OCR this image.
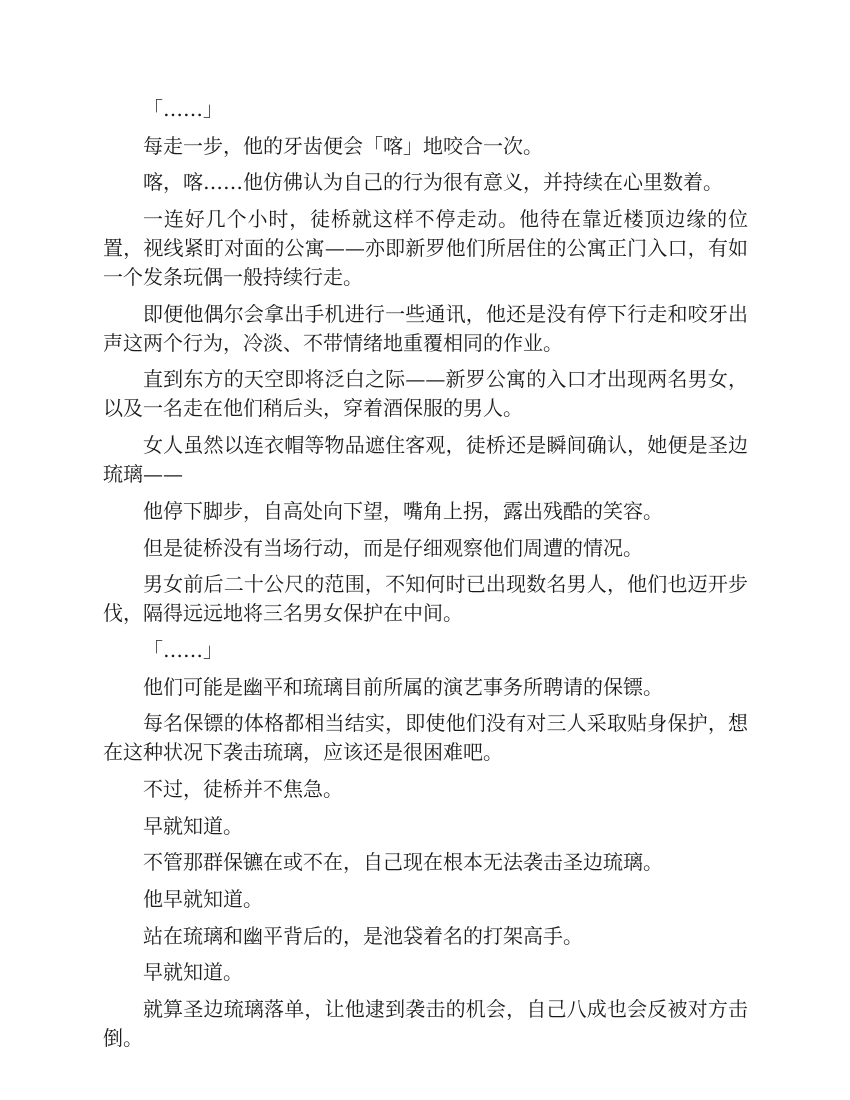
「……」

每走一步，他的牙齿便会「喀」地咬合一次。

喀，喀……他仿佛认为自己的行为很有意义，并持续在心里数着。

一连好几个小时，徒桥就这样不停走动。他待在靠近楼顶边缘的位置，视线紧盯对面的公寓——亦即新罗他们所居住的公寓正门入口，有如一个发条玩偶一般持续行走。

即便他偶尔会拿出手机进行一些通讯，他还是没有停下行走和咬牙出声这两个行为，冷淡、不带情绪地重覆相同的作业。

直到东方的天空即将泛白之际——新罗公寓的入口才出现两名男女，以及一名走在他们稍后头，穿着酒保服的男人。

女人虽然以连衣帽等物品遮住客观，徒桥还是瞬间确认，她便是圣边琉璃——

他停下脚步，自高处向下望，嘴角上拐，露出残酷的笑容。

但是徒桥没有当场行动，而是仔细观察他们周遭的情况。

男女前后二十公尺的范围，不知何时已出现数名男人，他们也迈开步伐，隔得远远地将三名男女保护在中间。

「……」

他们可能是幽平和琉璃目前所属的演艺事务所聘请的保镖。

每名保镖的体格都相当结实，即使他们没有对三人采取贴身保护，想在这种状况下袭击琉璃，应该还是很困难吧。

不过，徒桥并不焦急。

早就知道。

不管那群保镳在或不在，自己现在根本无法袭击圣边琉璃。

他早就知道。

站在琉璃和幽平背后的，是池袋着名的打架高手。

早就知道。

就算圣边琉璃落单，让他逮到袭击的机会，自己八成也会反被对方击倒。
